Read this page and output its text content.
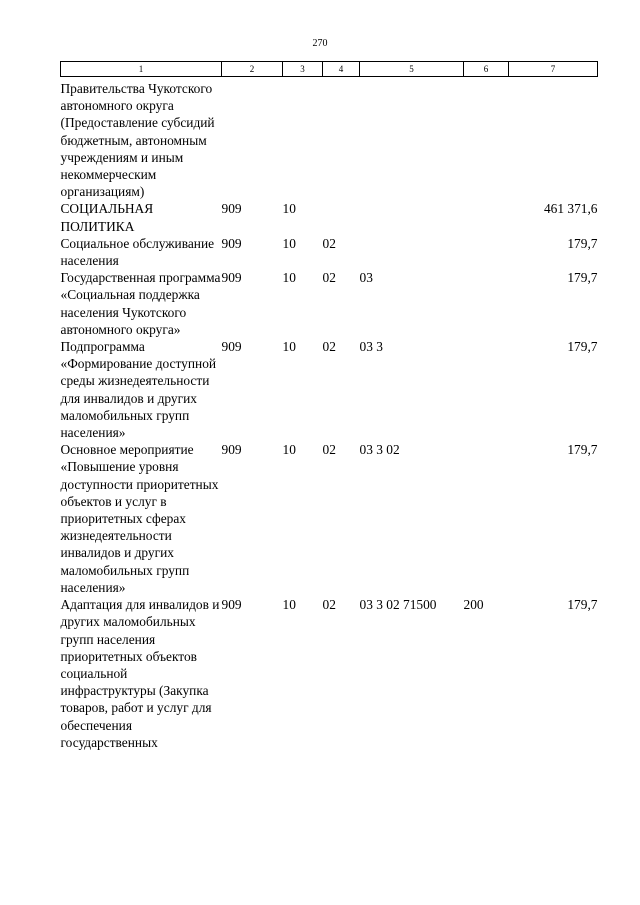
270
1	2	3	4	5	6	7
Правительства Чукотского автономного округа (Предоставление субсидий бюджетным, автономным учреждениям и иным некоммерческим организациям)						
СОЦИАЛЬНАЯ ПОЛИТИКА	909	10				461 371,6
Социальное обслуживание населения	909	10	02			179,7
Государственная программа «Социальная поддержка населения Чукотского автономного округа»	909	10	02	03		179,7
Подпрограмма «Формирование доступной среды жизнедеятельности для инвалидов и других маломобильных групп населения»	909	10	02	03 3		179,7
Основное мероприятие «Повышение уровня доступности приоритетных объектов и услуг в приоритетных сферах жизнедеятельности инвалидов и других маломобильных групп населения»	909	10	02	03 3 02		179,7
Адаптация для инвалидов и других маломобильных групп населения приоритетных объектов социальной инфраструктуры (Закупка товаров, работ и услуг для обеспечения государственных	909	10	02	03 3 02 71500	200	179,7
